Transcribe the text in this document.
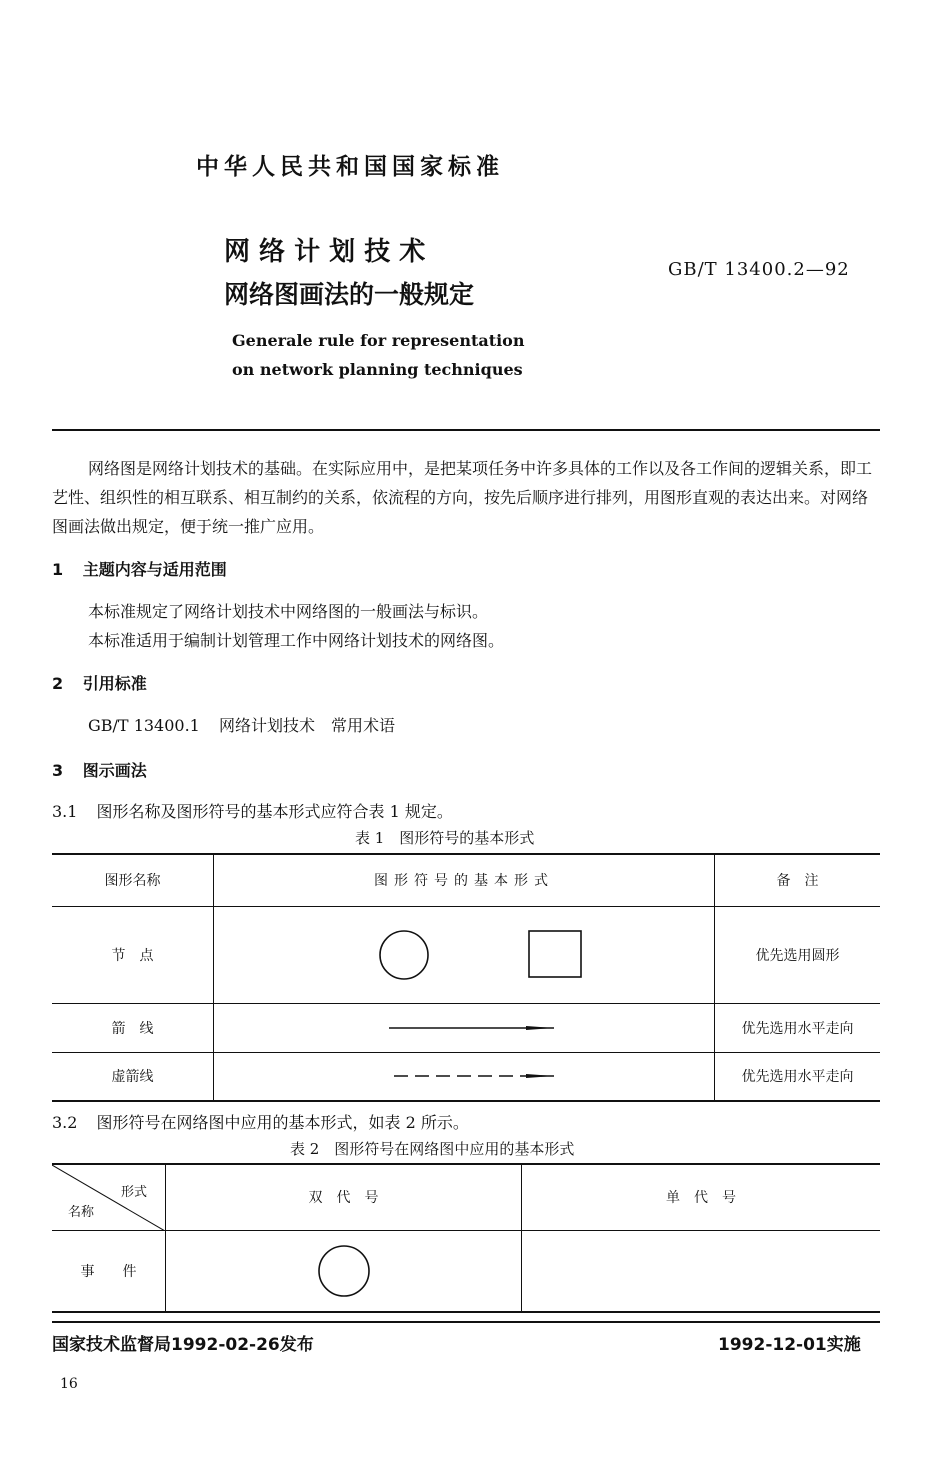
中华人民共和国国家标准
网 络 计 划 技 术
网络图画法的一般规定
Generale rule for representation
on network planning techniques
GB/T 13400.2—92

网络图是网络计划技术的基础。在实际应用中，是把某项任务中许多具体的工作以及各工作间的逻辑关系，即工艺性、组织性的相互联系、相互制约的关系，依流程的方向，按先后顺序进行排列，用图形直观的表达出来。对网络图画法做出规定，便于统一推广应用。

1 主题内容与适用范围
本标准规定了网络计划技术中网络图的一般画法与标识。
本标准适用于编制计划管理工作中网络计划技术的网络图。
2 引用标准
GB/T 13400.1 网络计划技术　常用术语
3 图示画法
3.1 图形名称及图形符号的基本形式应符合表 1 规定。
表 1　图形符号的基本形式
图形名称	图形符号的基本形式	备　注
节　点		优先选用圆形
箭　线		优先选用水平走向
虚箭线		优先选用水平走向
3.2 图形符号在网络图中应用的基本形式，如表 2 所示。
表 2　图形符号在网络图中应用的基本形式
形式
名称	双　代　号	单　代　号
事　　件	

国家技术监督局1992-02-26发布	1992-12-01实施
16
